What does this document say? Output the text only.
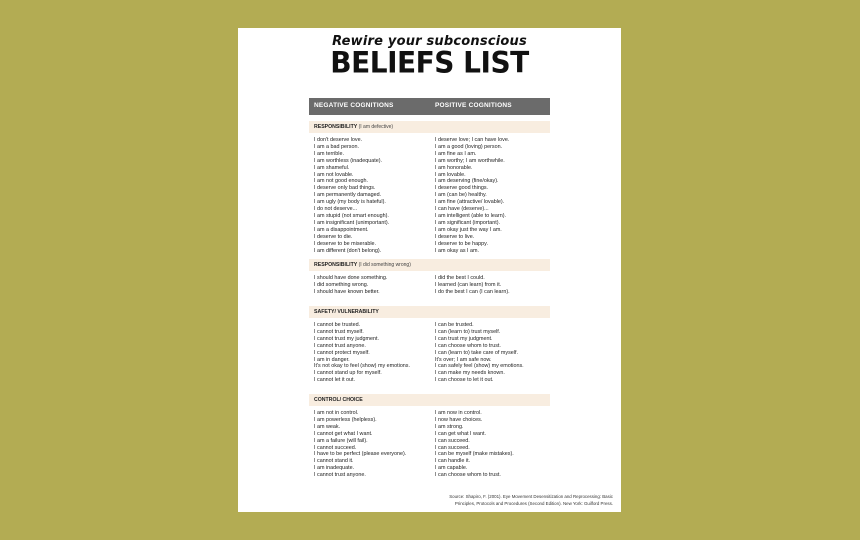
Rewire your subconscious
BELIEFS LIST
NEGATIVE COGNITIONS	POSITIVE COGNITIONS
RESPONSIBILITY (I am defective)
I don't deserve love.
I am a bad person.
I am terrible.
I am worthless (inadequate).
I am shameful.
I am not lovable.
I am not good enough.
I deserve only bad things.
I am permanently damaged.
I am ugly (my body is hateful).
I do not deserve...
I am stupid (not smart enough).
I am insignificant (unimportant).
I am a disappointment.
I deserve to die.
I deserve to be miserable.
I am different (don't belong).
I deserve love; I can have love.
I am a good (loving) person.
I am fine as I am.
I am worthy; I am worthwhile.
I am honorable.
I am lovable.
I am deserving (fine/okay).
I deserve good things.
I am (can be) healthy.
I am fine (attractive/ lovable).
I can have (deserve)...
I am intelligent (able to learn).
I am significant (important).
I am okay just the way I am.
I deserve to live.
I deserve to be happy.
I am okay as I am.
RESPONSIBILITY (I did something wrong)
I should have done something.
I did something wrong.
I should have known better.
I did the best I could.
I learned (can learn) from it.
I do the best I can (I can learn).
SAFETY/ VULNERABILITY
I cannot be trusted.
I cannot trust myself.
I cannot trust my judgment.
I cannot trust anyone.
I cannot protect myself.
I am in danger.
It's not okay to feel (show) my emotions.
I cannot stand up for myself.
I cannot let it out.
I can be trusted.
I can (learn to) trust myself.
I can trust my judgment.
I can choose whom to trust.
I can (learn to) take care of myself.
It's over; I am safe now.
I can safely feel (show) my emotions.
I can make my needs known.
I can choose to let it out.
CONTROL/ CHOICE
I am not in control.
I am powerless (helpless).
I am weak.
I cannot get what I want.
I am a failure (will fail).
I cannot succeed.
I have to be perfect (please everyone).
I cannot stand it.
I am inadequate.
I cannot trust anyone.
I am now in control.
I now have choices.
I am strong.
I can get what I want.
I can succeed.
I can succeed.
I can be myself (make mistakes).
I can handle it.
I am capable.
I can choose whom to trust.
Source: Shapiro, F. (2001). Eye Movement Desensitization and Reprocessing: Basic
Principles, Protocols and Procedures (Second Edition). New York: Guilford Press.
